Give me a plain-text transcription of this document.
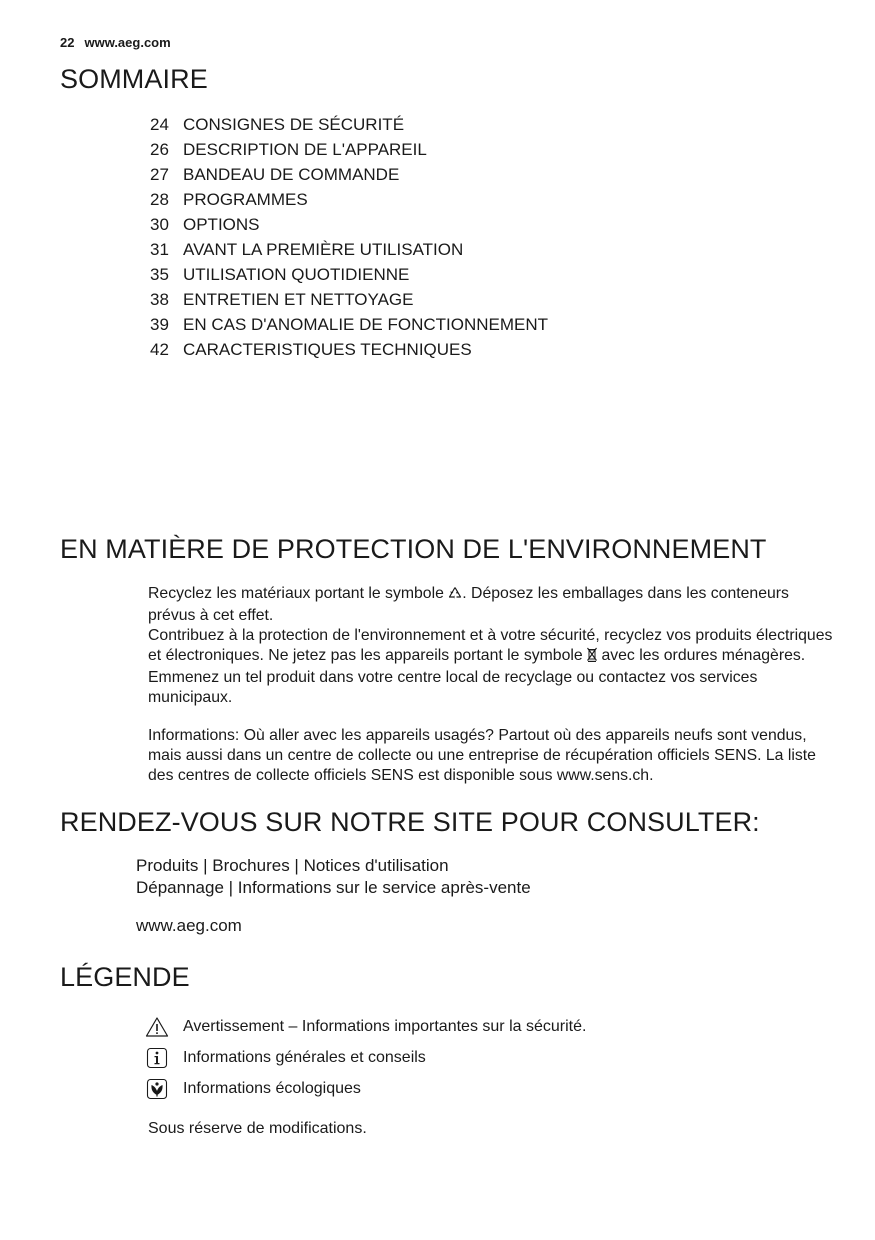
22 www.aeg.com
SOMMAIRE
24 CONSIGNES DE SÉCURITÉ
26 DESCRIPTION DE L'APPAREIL
27 BANDEAU DE COMMANDE
28 PROGRAMMES
30 OPTIONS
31 AVANT LA PREMIÈRE UTILISATION
35 UTILISATION QUOTIDIENNE
38 ENTRETIEN ET NETTOYAGE
39 EN CAS D'ANOMALIE DE FONCTIONNEMENT
42 CARACTERISTIQUES TECHNIQUES
EN MATIÈRE DE PROTECTION DE L'ENVIRONNEMENT

Recyclez les matériaux portant le symbole . Déposez les emballages dans les conteneurs prévus à cet effet.
Contribuez à la protection de l'environnement et à votre sécurité, recyclez vos produits électriques et électroniques. Ne jetez pas les appareils portant le symbole avec les ordures ménagères. Emmenez un tel produit dans votre centre local de recyclage ou contactez vos services municipaux.

Informations: Où aller avec les appareils usagés? Partout où des appareils neufs sont vendus, mais aussi dans un centre de collecte ou une entreprise de récupération officiels SENS. La liste des centres de collecte officiels SENS est disponible sous www.sens.ch.

RENDEZ-VOUS SUR NOTRE SITE POUR CONSULTER:
Produits | Brochures | Notices d'utilisation
Dépannage | Informations sur le service après-vente
www.aeg.com
LÉGENDE
Avertissement – Informations importantes sur la sécurité.
Informations générales et conseils
Informations écologiques
Sous réserve de modifications.
